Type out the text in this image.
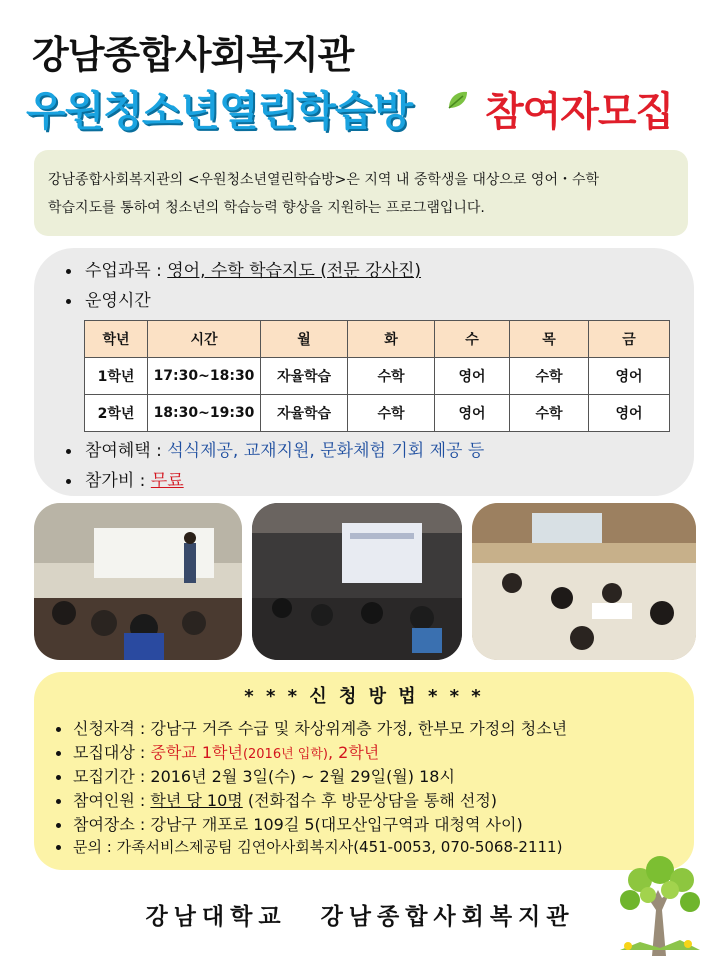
강남종합사회복지관
우원청소년열린학습방 참여자모집
강남종합사회복지관의 <우원청소년열린학습방>은 지역 내 중학생을 대상으로 영어・수학
학습지도를 통하여 청소년의 학습능력 향상을 지원하는 프로그램입니다.
수업과목 : 영어, 수학 학습지도 (전문 강사진)
운영시간
학년	시간	월	화	수	목	금
1학년	17:30~18:30	자율학습	수학	영어	수학	영어
2학년	18:30~19:30	자율학습	수학	영어	수학	영어
참여혜택 : 석식제공, 교재지원, 문화체험 기회 제공 등
참가비 : 무료
* * * 신 청 방 법 * * *
신청자격 : 강남구 거주 수급 및 차상위계층 가정, 한부모 가정의 청소년
모집대상 : 중학교 1학년(2016년 입학), 2학년
모집기간 : 2016년 2월 3일(수) ~ 2월 29일(월) 18시
참여인원 : 학년 당 10명 (전화접수 후 방문상담을 통해 선정)
참여장소 : 강남구 개포로 109길 5(대모산입구역과 대청역 사이)
문의 : 가족서비스제공팀 김연아사회복지사(451-0053, 070-5068-2111)
강남대학교 강남종합사회복지관
